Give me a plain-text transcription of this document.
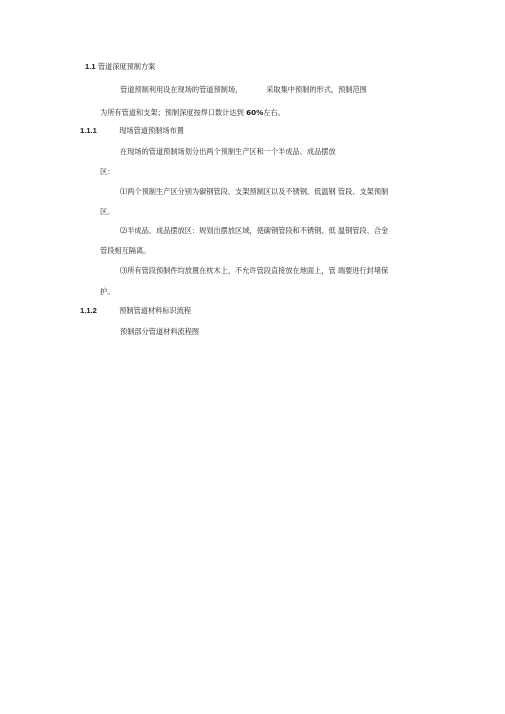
1.1 管道深度预制方案
管道预制利用设在现场的管道预制场，	采取集中预制的形式，预制范围
为所有管道和支架；预制深度按焊口数计达到 60%左右。
1.1.1	现场管道预制场布置
在现场的管道预制场划分出两个预制生产区和一个半成品、成品摆放
区：
⑴两个预制生产区分别为碳钢管段、支架预制区以及不锈钢、低温钢 管段、支架预制
区。
⑵半成品、成品摆放区：规划出摆放区域，使碳钢管段和不锈钢、低 温钢管段、合金
管段相互隔离。
⑶所有管段预制件均放置在枕木上，不允许管段直接放在地面上，管 端要进行封堵保
护。
1.1.2	预制管道材料标识流程
预制部分管道材料流程图
